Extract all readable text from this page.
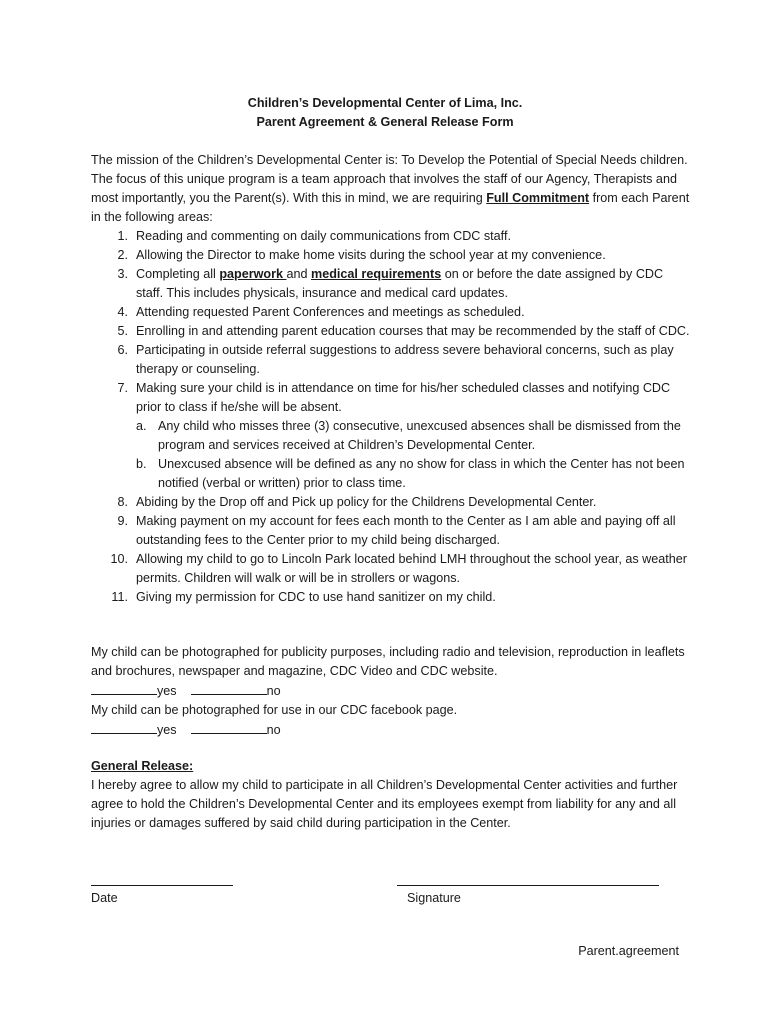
Children’s Developmental Center of Lima, Inc.
Parent Agreement & General Release Form
The mission of the Children’s Developmental Center is: To Develop the Potential of Special Needs children. The focus of this unique program is a team approach that involves the staff of our Agency, Therapists and most importantly, you the Parent(s). With this in mind, we are requiring Full Commitment from each Parent in the following areas:
1. Reading and commenting on daily communications from CDC staff.
2. Allowing the Director to make home visits during the school year at my convenience.
3. Completing all paperwork and medical requirements on or before the date assigned by CDC staff. This includes physicals, insurance and medical card updates.
4. Attending requested Parent Conferences and meetings as scheduled.
5. Enrolling in and attending parent education courses that may be recommended by the staff of CDC.
6. Participating in outside referral suggestions to address severe behavioral concerns, such as play therapy or counseling.
7. Making sure your child is in attendance on time for his/her scheduled classes and notifying CDC prior to class if he/she will be absent.
a. Any child who misses three (3) consecutive, unexcused absences shall be dismissed from the program and services received at Children’s Developmental Center.
b. Unexcused absence will be defined as any no show for class in which the Center has not been notified (verbal or written) prior to class time.
8. Abiding by the Drop off and Pick up policy for the Childrens Developmental Center.
9. Making payment on my account for fees each month to the Center as I am able and paying off all outstanding fees to the Center prior to my child being discharged.
10. Allowing my child to go to Lincoln Park located behind LMH throughout the school year, as weather permits. Children will walk or will be in strollers or wagons.
11. Giving my permission for CDC to use hand sanitizer on my child.
My child can be photographed for publicity purposes, including radio and television, reproduction in leaflets and brochures, newspaper and magazine, CDC Video and CDC website.
yes	no
My child can be photographed for use in our CDC facebook page.
yes	no
General Release:
I hereby agree to allow my child to participate in all Children’s Developmental Center activities and further agree to hold the Children’s Developmental Center and its employees exempt from liability for any and all injuries or damages suffered by said child during participation in the Center.
Date	Signature
Parent.agreement
